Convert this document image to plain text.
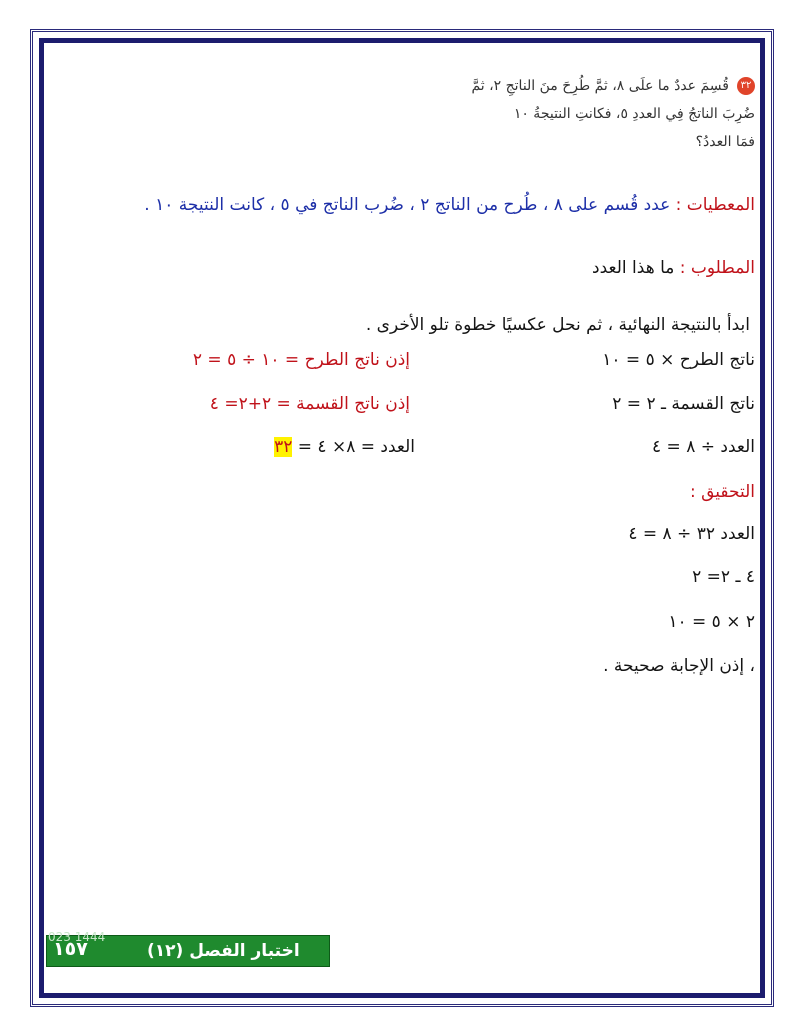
٣٢قُسِمَ عددٌ ما علَى ٨، ثمَّ طُرِحَ منَ الناتجِ ٢، ثمَّ
ضُرِبَ الناتجُ فِي العددِ ٥، فكانتِ النتيجةُ ١٠
فمَا العددُ؟
المعطيات : عدد قُسم على ٨ ، طُرح من الناتج ٢ ، ضُرب الناتج في ٥ ، كانت النتيجة ١٠ .
المطلوب : ما هذا العدد
ابدأ بالنتيجة النهائية ، ثم نحل عكسيًا خطوة تلو الأخرى .
ناتج الطرح × ٥ = ١٠
إذن ناتج الطرح = ١٠ ÷ ٥ = ٢
ناتج القسمة ـ ٢ = ٢
إذن ناتج القسمة = ٢+٢= ٤
العدد ÷ ٨ = ٤
العدد = ٨× ٤ = ٣٢
التحقيق :
العدد ٣٢ ÷ ٨ = ٤
٤ ـ ٢= ٢
٢ × ٥ = ١٠
، إذن الإجابة صحيحة .
023 1444
١٥٧	اختبار الفصل (١٢)
